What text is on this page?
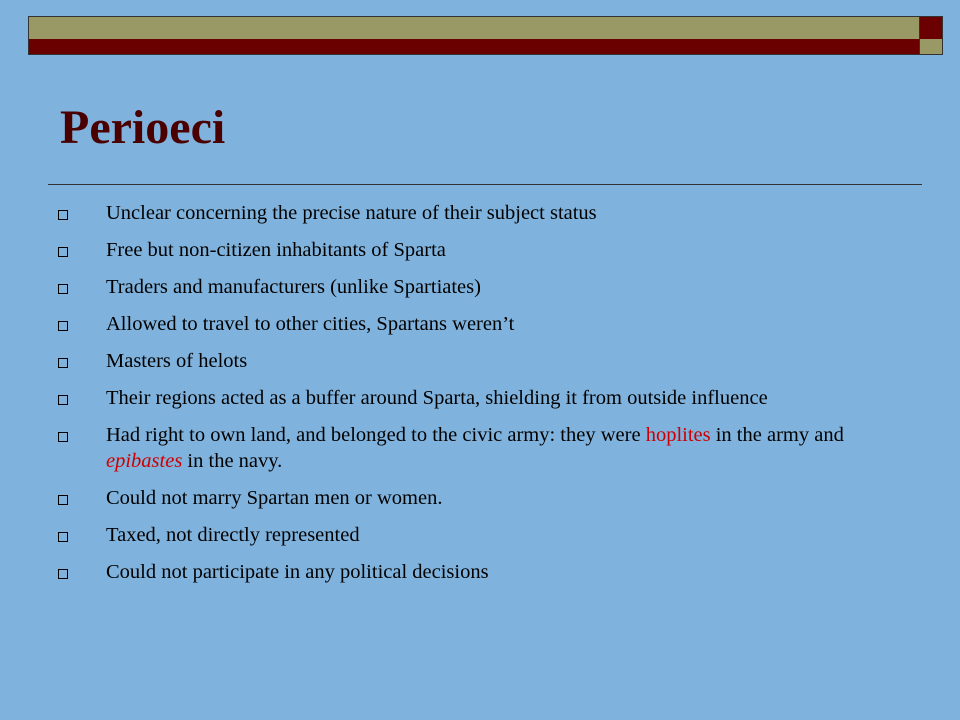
Perioeci
Unclear concerning the precise nature of their subject status
Free but non-citizen inhabitants of Sparta
Traders and manufacturers (unlike Spartiates)
Allowed to travel to other cities, Spartans weren’t
Masters of helots
Their regions acted as a buffer around Sparta, shielding it from outside influence
Had right to own land, and belonged to the civic army: they were hoplites in the army and epibastes in the navy.
Could not marry Spartan men or women.
Taxed, not directly represented
Could not participate in any political decisions
